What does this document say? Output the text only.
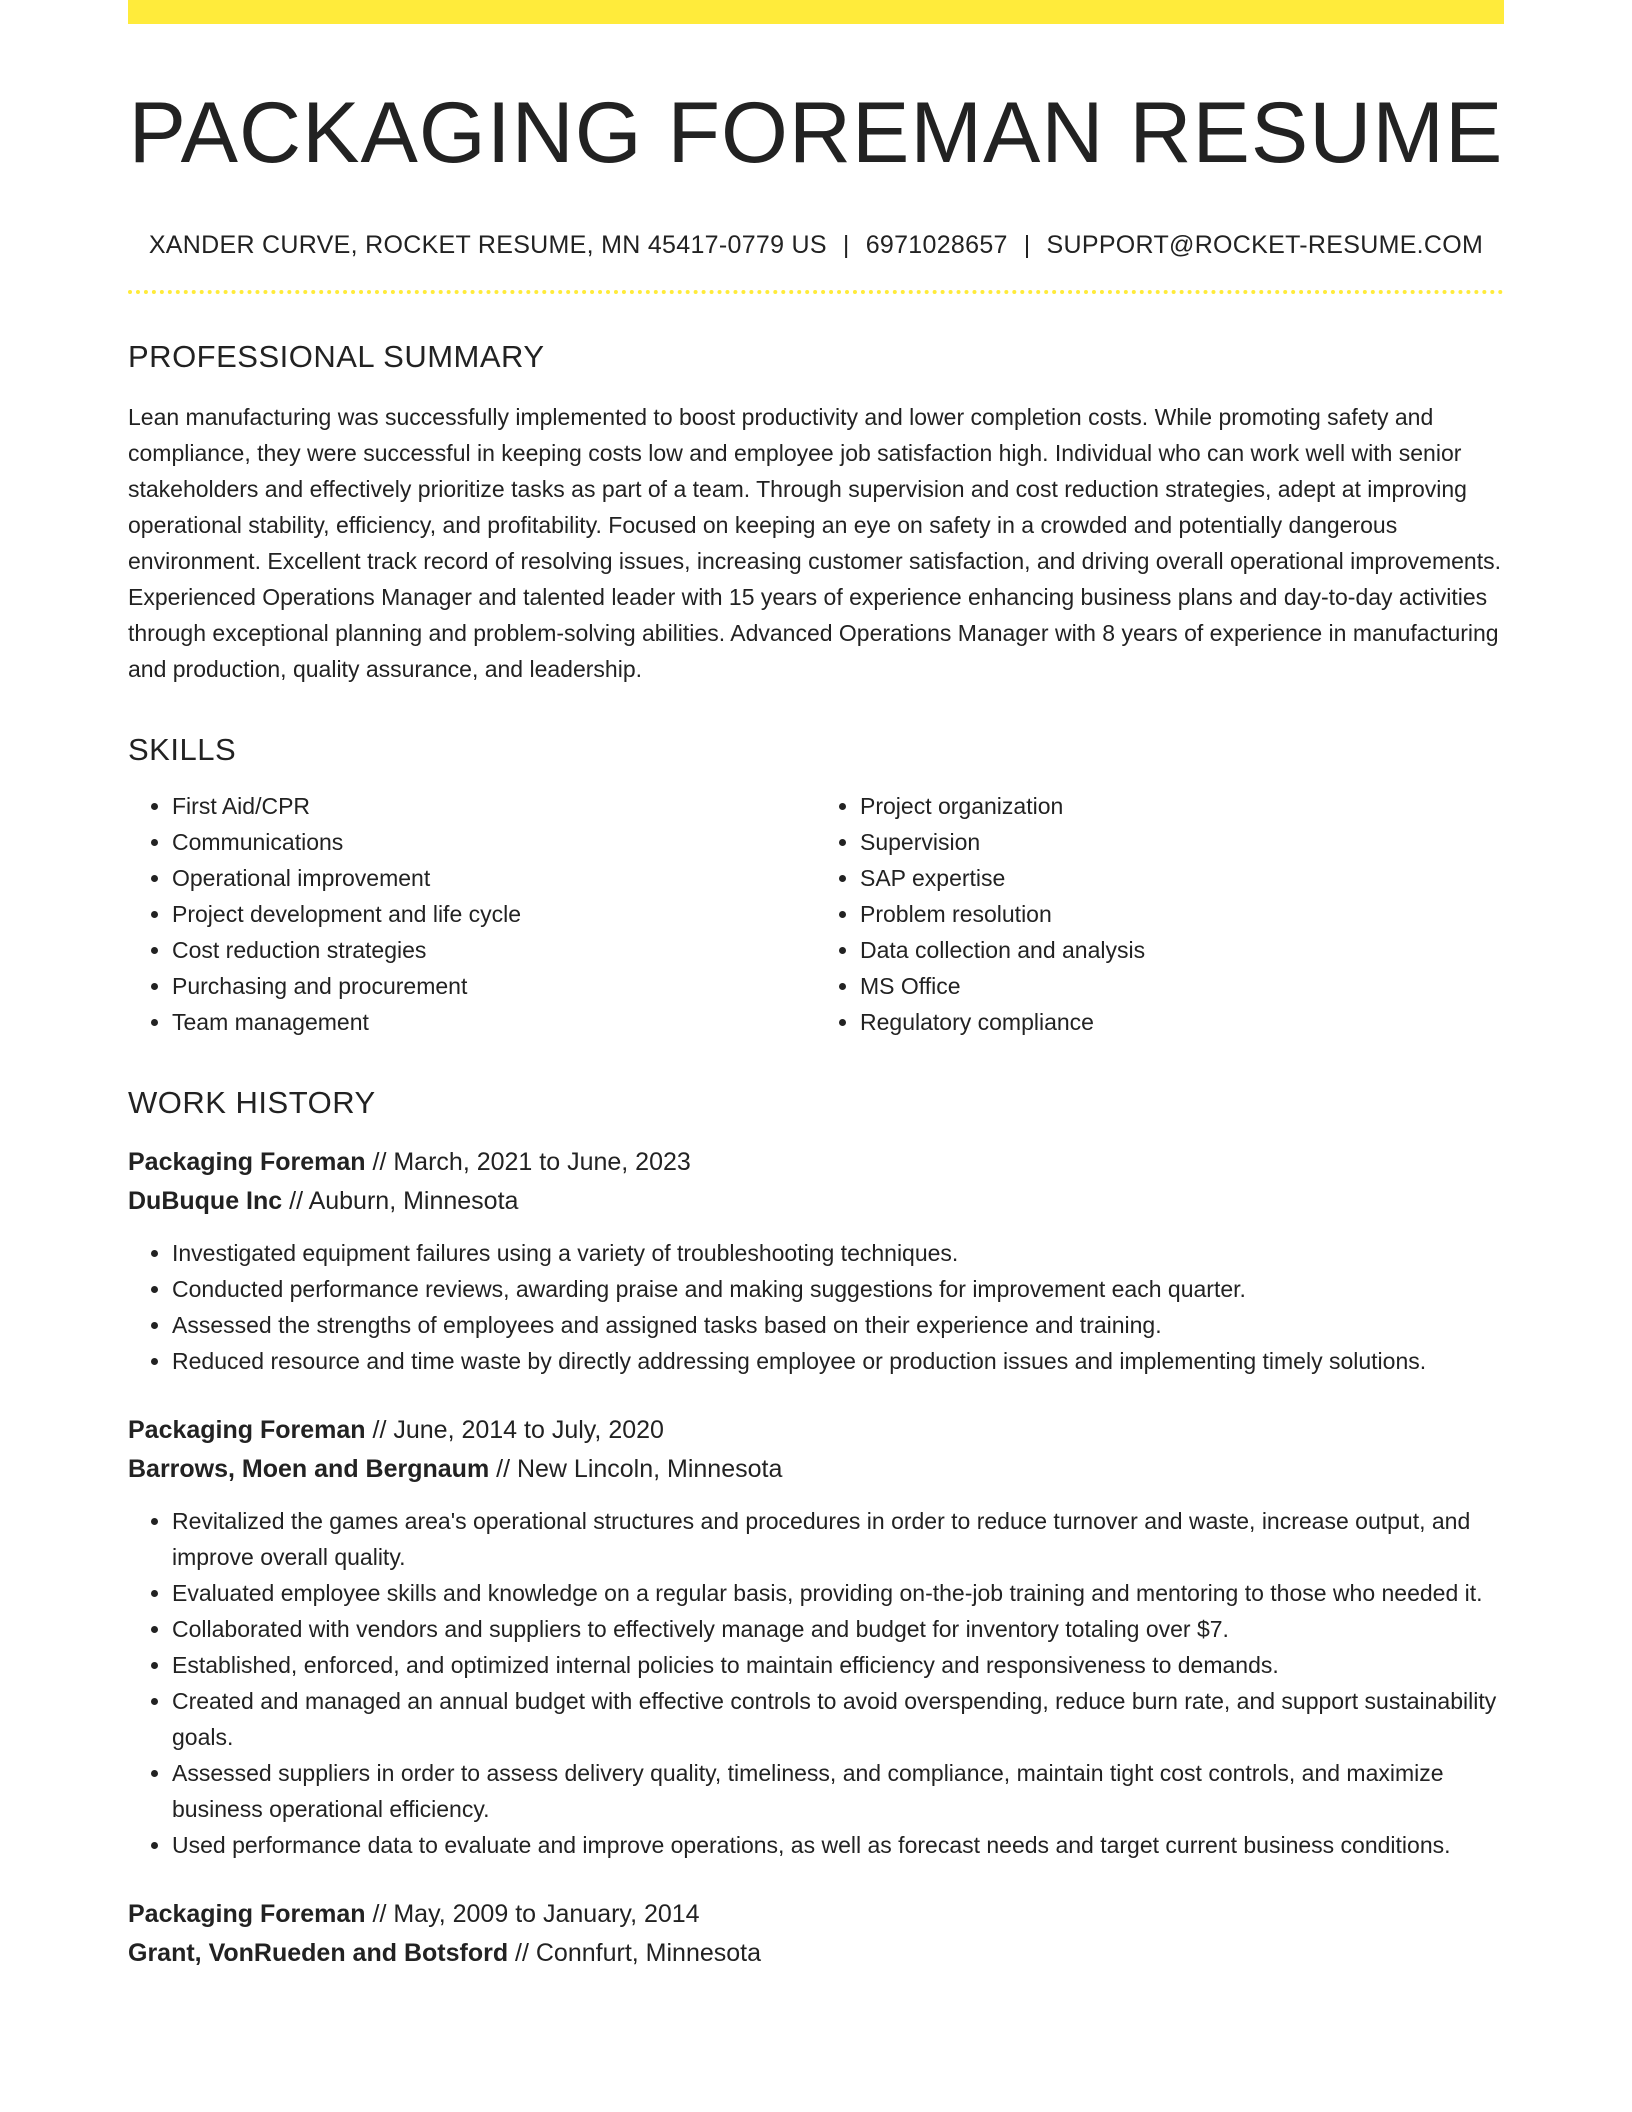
PACKAGING FOREMAN RESUME
XANDER CURVE, ROCKET RESUME, MN 45417-0779 US | 6971028657 | SUPPORT@ROCKET-RESUME.COM
PROFESSIONAL SUMMARY
Lean manufacturing was successfully implemented to boost productivity and lower completion costs. While promoting safety and compliance, they were successful in keeping costs low and employee job satisfaction high. Individual who can work well with senior stakeholders and effectively prioritize tasks as part of a team. Through supervision and cost reduction strategies, adept at improving operational stability, efficiency, and profitability. Focused on keeping an eye on safety in a crowded and potentially dangerous environment. Excellent track record of resolving issues, increasing customer satisfaction, and driving overall operational improvements. Experienced Operations Manager and talented leader with 15 years of experience enhancing business plans and day-to-day activities through exceptional planning and problem-solving abilities. Advanced Operations Manager with 8 years of experience in manufacturing and production, quality assurance, and leadership.
SKILLS
• First Aid/CPR
• Communications
• Operational improvement
• Project development and life cycle
• Cost reduction strategies
• Purchasing and procurement
• Team management
• Project organization
• Supervision
• SAP expertise
• Problem resolution
• Data collection and analysis
• MS Office
• Regulatory compliance
WORK HISTORY
Packaging Foreman // March, 2021 to June, 2023
DuBuque Inc // Auburn, Minnesota
• Investigated equipment failures using a variety of troubleshooting techniques.
• Conducted performance reviews, awarding praise and making suggestions for improvement each quarter.
• Assessed the strengths of employees and assigned tasks based on their experience and training.
• Reduced resource and time waste by directly addressing employee or production issues and implementing timely solutions.
Packaging Foreman // June, 2014 to July, 2020
Barrows, Moen and Bergnaum // New Lincoln, Minnesota
• Revitalized the games area's operational structures and procedures in order to reduce turnover and waste, increase output, and improve overall quality.
• Evaluated employee skills and knowledge on a regular basis, providing on-the-job training and mentoring to those who needed it.
• Collaborated with vendors and suppliers to effectively manage and budget for inventory totaling over $7.
• Established, enforced, and optimized internal policies to maintain efficiency and responsiveness to demands.
• Created and managed an annual budget with effective controls to avoid overspending, reduce burn rate, and support sustainability goals.
• Assessed suppliers in order to assess delivery quality, timeliness, and compliance, maintain tight cost controls, and maximize business operational efficiency.
• Used performance data to evaluate and improve operations, as well as forecast needs and target current business conditions.
Packaging Foreman // May, 2009 to January, 2014
Grant, VonRueden and Botsford // Connfurt, Minnesota
